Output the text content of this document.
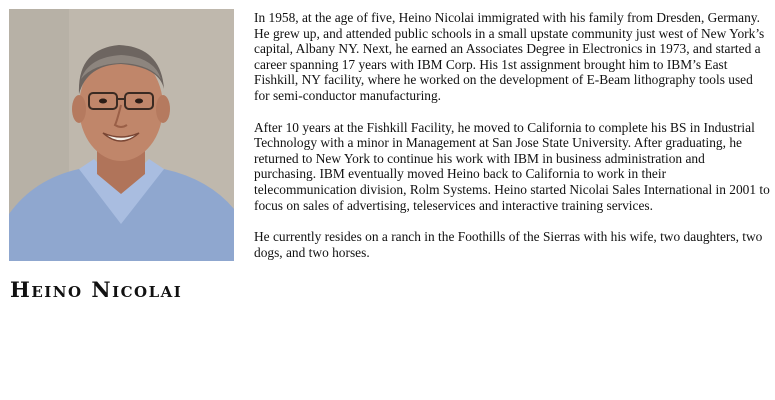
Heino Nicolai

In 1958, at the age of five, Heino Nicolai immigrated with his family from Dresden, Germany. He grew up, and attended public schools in a small upstate community just west of New York’s capital, Albany NY. Next, he earned an Associates Degree in Electronics in 1973, and started a career spanning 17 years with IBM Corp. His 1st assignment brought him to IBM’s East Fishkill, NY facility, where he worked on the development of E-Beam lithography tools used for semi-conductor manufacturing.

After 10 years at the Fishkill Facility, he moved to California to complete his BS in Industrial Technology with a minor in Management at San Jose State University. After graduating, he returned to New York to continue his work with IBM in business administration and purchasing. IBM eventually moved Heino back to California to work in their telecommunication division, Rolm Systems. Heino started Nicolai Sales International in 2001 to focus on sales of advertising, teleservices and interactive training services.

He currently resides on a ranch in the Foothills of the Sierras with his wife, two daughters, two dogs, and two horses.
